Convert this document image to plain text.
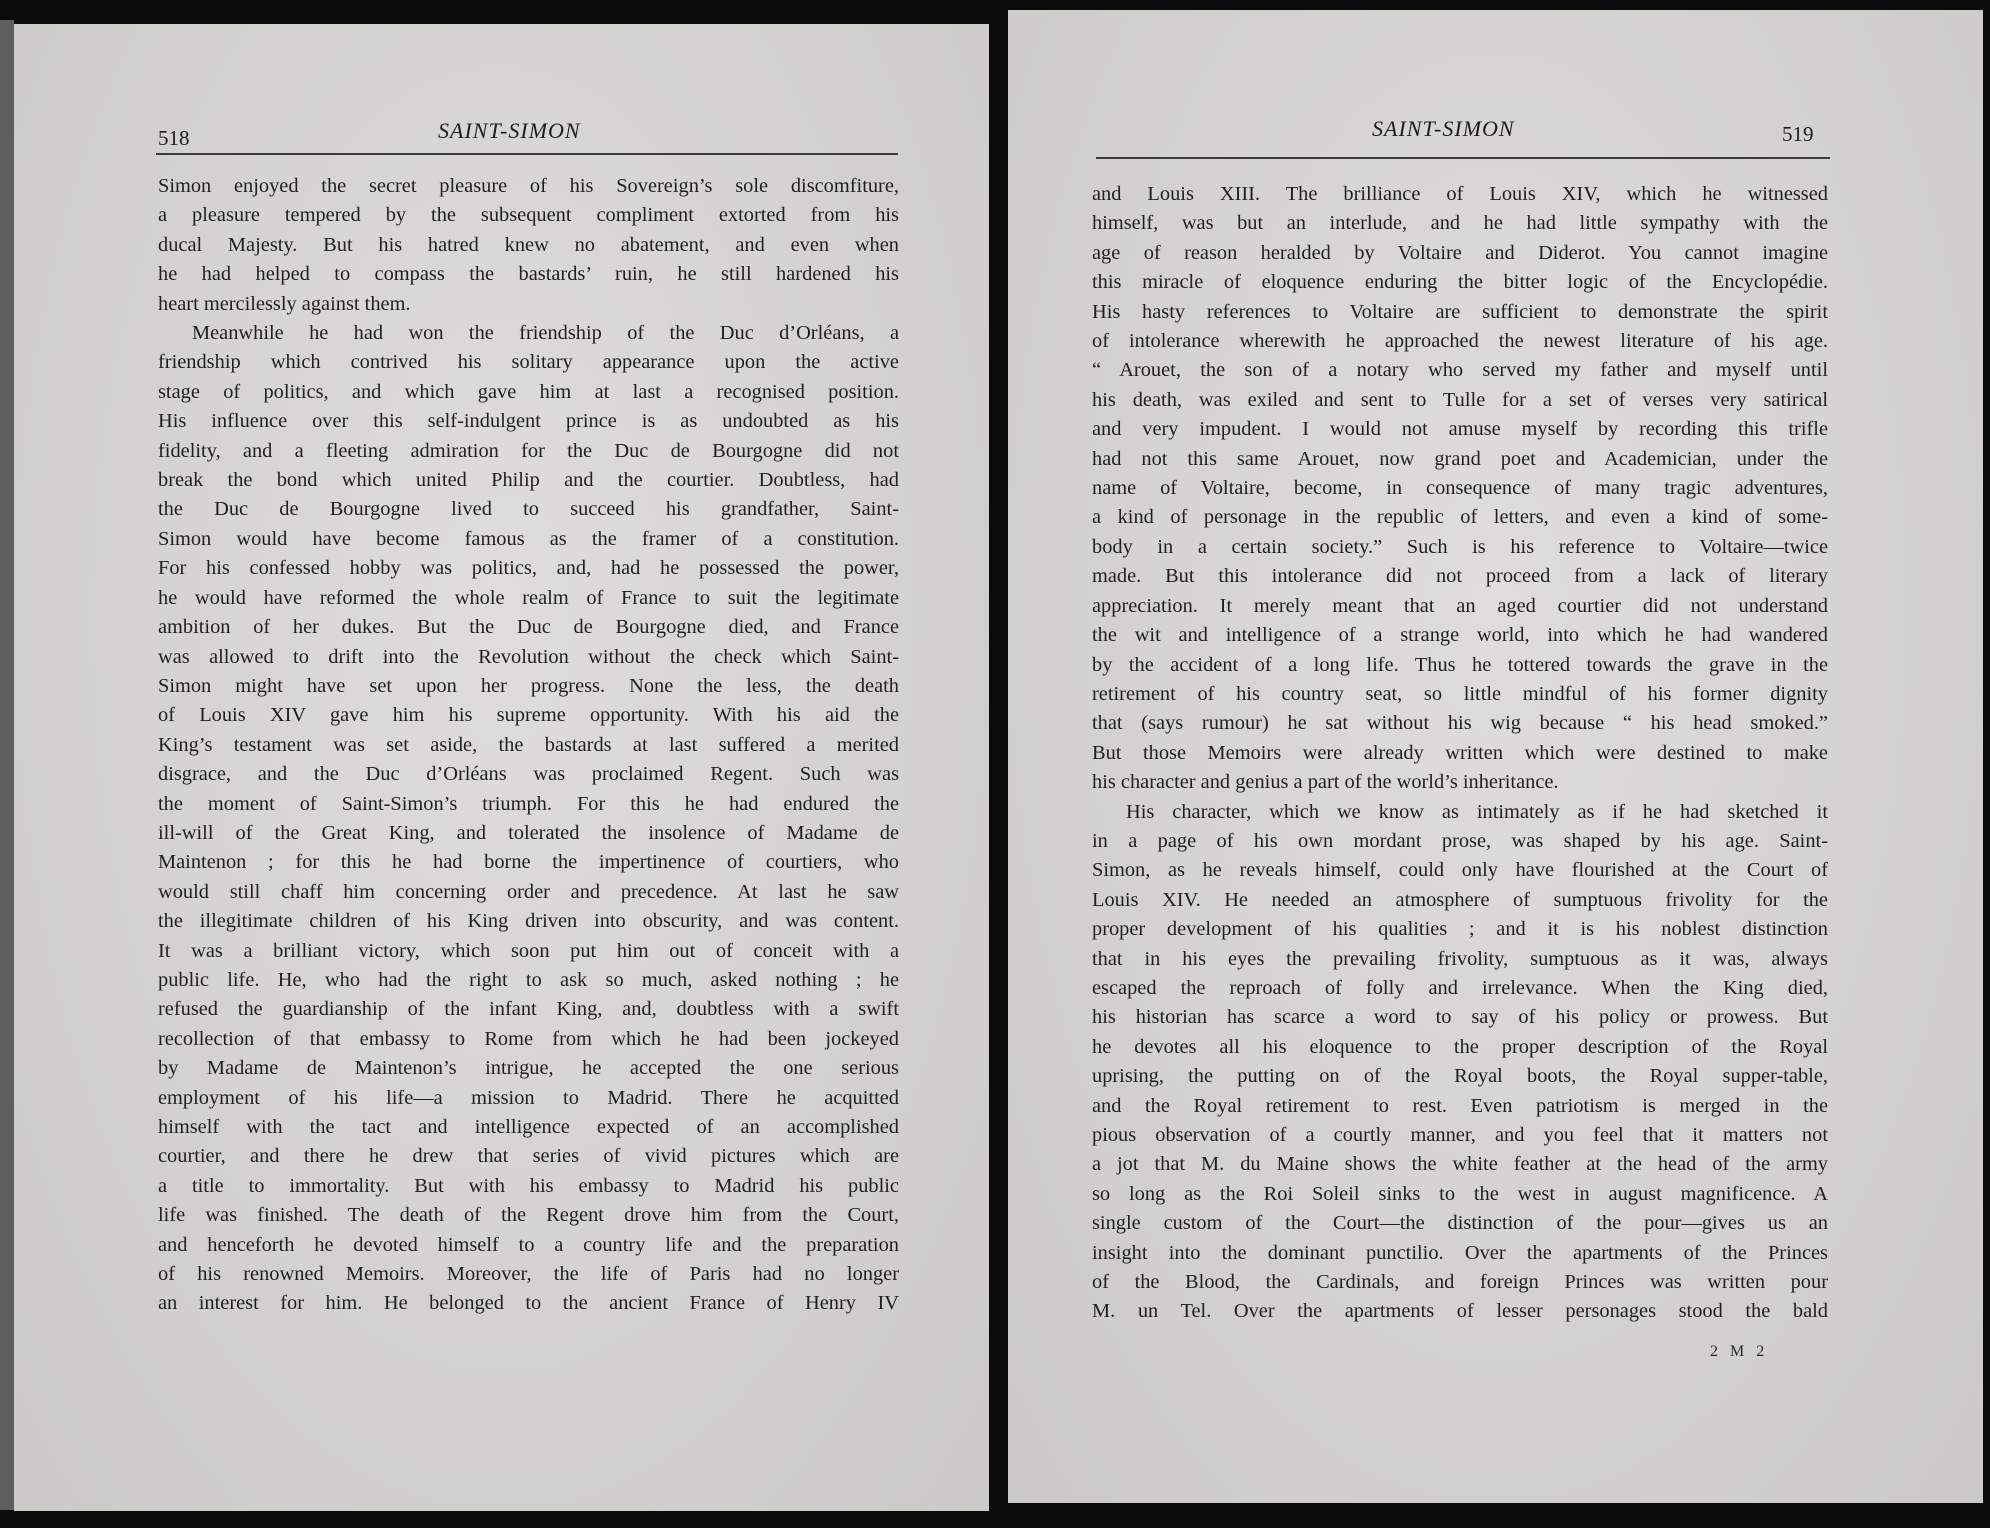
518	SAINT-SIMON

Simon enjoyed the secret pleasure of his Sovereign’s sole discomfiture,

a pleasure tempered by the subsequent compliment extorted from his

ducal Majesty. But his hatred knew no abatement, and even when

he had helped to compass the bastards’ ruin, he still hardened his

heart mercilessly against them.

Meanwhile he had won the friendship of the Duc d’Orléans, a

friendship which contrived his solitary appearance upon the active

stage of politics, and which gave him at last a recognised position.

His influence over this self-indulgent prince is as undoubted as his

fidelity, and a fleeting admiration for the Duc de Bourgogne did not

break the bond which united Philip and the courtier. Doubtless, had

the Duc de Bourgogne lived to succeed his grandfather, Saint-

Simon would have become famous as the framer of a constitution.

For his confessed hobby was politics, and, had he possessed the power,

he would have reformed the whole realm of France to suit the legitimate

ambition of her dukes. But the Duc de Bourgogne died, and France

was allowed to drift into the Revolution without the check which Saint-

Simon might have set upon her progress. None the less, the death

of Louis XIV gave him his supreme opportunity. With his aid the

King’s testament was set aside, the bastards at last suffered a merited

disgrace, and the Duc d’Orléans was proclaimed Regent. Such was

the moment of Saint-Simon’s triumph. For this he had endured the

ill-will of the Great King, and tolerated the insolence of Madame de

Maintenon ; for this he had borne the impertinence of courtiers, who

would still chaff him concerning order and precedence. At last he saw

the illegitimate children of his King driven into obscurity, and was content.

It was a brilliant victory, which soon put him out of conceit with a

public life. He, who had the right to ask so much, asked nothing ; he

refused the guardianship of the infant King, and, doubtless with a swift

recollection of that embassy to Rome from which he had been jockeyed

by Madame de Maintenon’s intrigue, he accepted the one serious

employment of his life—a mission to Madrid. There he acquitted

himself with the tact and intelligence expected of an accomplished

courtier, and there he drew that series of vivid pictures which are

a title to immortality. But with his embassy to Madrid his public

life was finished. The death of the Regent drove him from the Court,

and henceforth he devoted himself to a country life and the preparation

of his renowned Memoirs. Moreover, the life of Paris had no longer

an interest for him. He belonged to the ancient France of Henry IV

SAINT-SIMON	519

and Louis XIII. The brilliance of Louis XIV, which he witnessed

himself, was but an interlude, and he had little sympathy with the

age of reason heralded by Voltaire and Diderot. You cannot imagine

this miracle of eloquence enduring the bitter logic of the Encyclopédie.

His hasty references to Voltaire are sufficient to demonstrate the spirit

of intolerance wherewith he approached the newest literature of his age.

“ Arouet, the son of a notary who served my father and myself until

his death, was exiled and sent to Tulle for a set of verses very satirical

and very impudent. I would not amuse myself by recording this trifle

had not this same Arouet, now grand poet and Academician, under the

name of Voltaire, become, in consequence of many tragic adventures,

a kind of personage in the republic of letters, and even a kind of some-

body in a certain society.” Such is his reference to Voltaire—twice

made. But this intolerance did not proceed from a lack of literary

appreciation. It merely meant that an aged courtier did not understand

the wit and intelligence of a strange world, into which he had wandered

by the accident of a long life. Thus he tottered towards the grave in the

retirement of his country seat, so little mindful of his former dignity

that (says rumour) he sat without his wig because “ his head smoked.”

But those Memoirs were already written which were destined to make

his character and genius a part of the world’s inheritance.

His character, which we know as intimately as if he had sketched it

in a page of his own mordant prose, was shaped by his age. Saint-

Simon, as he reveals himself, could only have flourished at the Court of

Louis XIV. He needed an atmosphere of sumptuous frivolity for the

proper development of his qualities ; and it is his noblest distinction

that in his eyes the prevailing frivolity, sumptuous as it was, always

escaped the reproach of folly and irrelevance. When the King died,

his historian has scarce a word to say of his policy or prowess. But

he devotes all his eloquence to the proper description of the Royal

uprising, the putting on of the Royal boots, the Royal supper-table,

and the Royal retirement to rest. Even patriotism is merged in the

pious observation of a courtly manner, and you feel that it matters not

a jot that M. du Maine shows the white feather at the head of the army

so long as the Roi Soleil sinks to the west in august magnificence. A

single custom of the Court—the distinction of the pour—gives us an

insight into the dominant punctilio. Over the apartments of the Princes

of the Blood, the Cardinals, and foreign Princes was written pour

M. un Tel. Over the apartments of lesser personages stood the bald

2 M 2
